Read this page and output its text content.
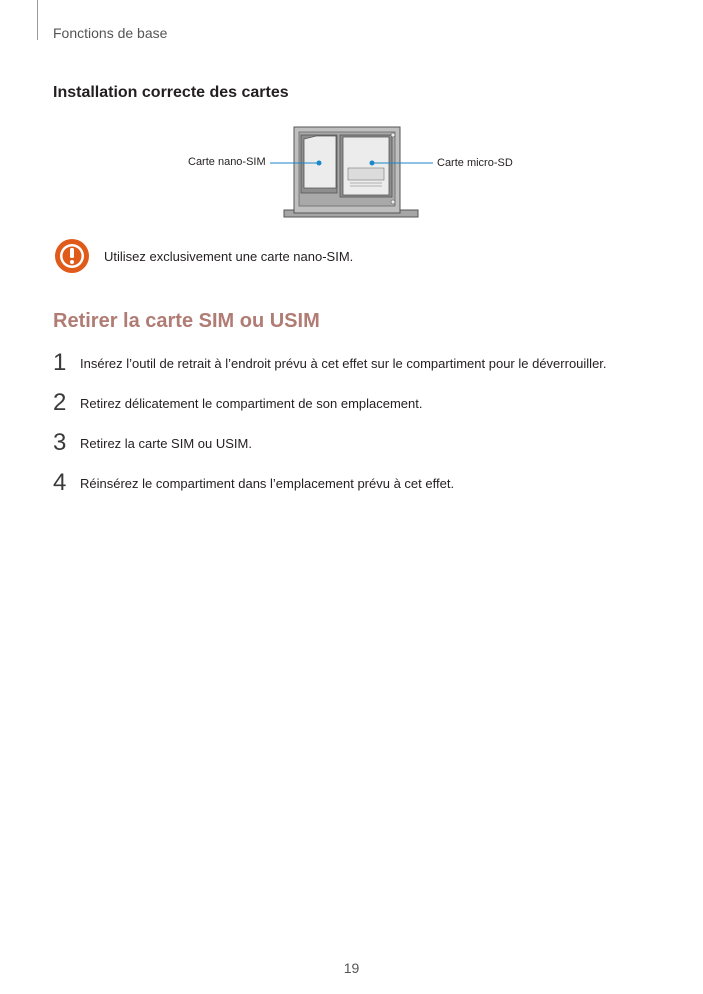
Fonctions de base
Installation correcte des cartes
Carte nano-SIM	Carte micro-SD
Utilisez exclusivement une carte nano-SIM.
Retirer la carte SIM ou USIM
1 Insérez l’outil de retrait à l’endroit prévu à cet effet sur le compartiment pour le déverrouiller.
2 Retirez délicatement le compartiment de son emplacement.
3 Retirez la carte SIM ou USIM.
4 Réinsérez le compartiment dans l’emplacement prévu à cet effet.
19
